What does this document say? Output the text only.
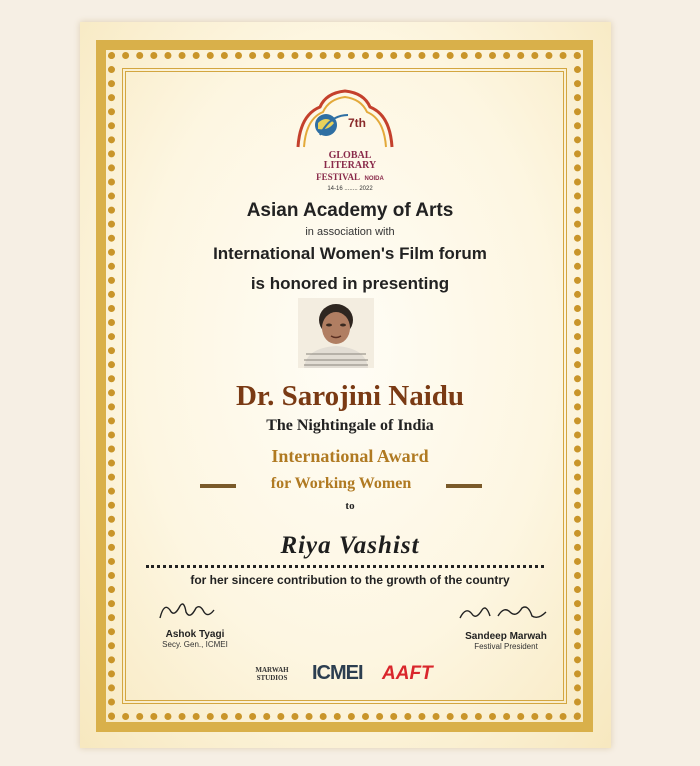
7th
GLOBAL
LITERARY
FESTIVAL NOIDA
14-16 ........ 2022
Asian Academy of Arts
in association with
International Women's Film forum
is honored in presenting
Dr. Sarojini Naidu
The Nightingale of India
International Award
for Working Women
to
Riya Vashist
for her sincere contribution to the growth of the country
Ashok Tyagi
Secy. Gen., ICMEI
Sandeep Marwah
Festival President
MARWAH STUDIOS	ICMEI AAFT
